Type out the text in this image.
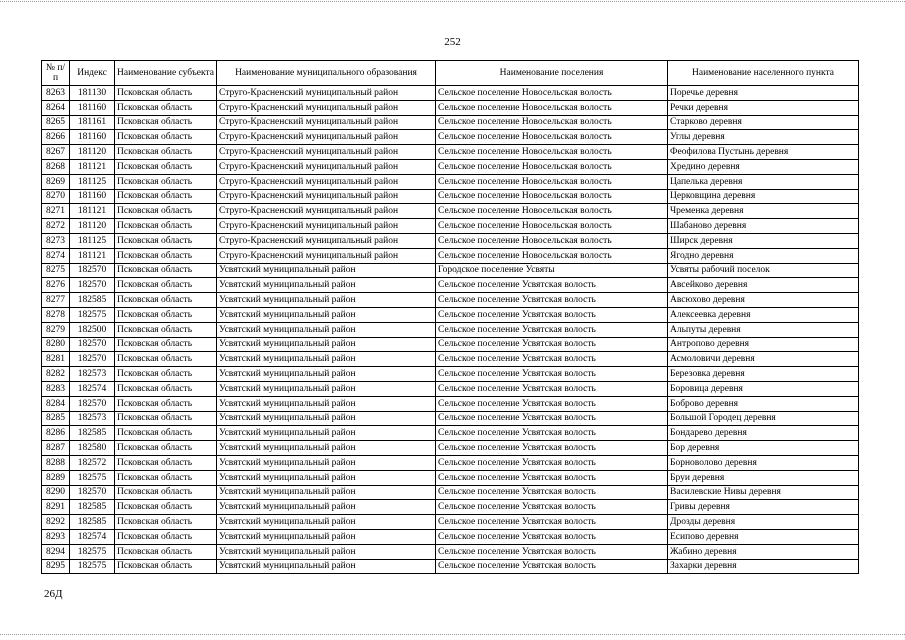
252
№ п/п	Индекс	Наименование субъекта	Наименование муниципального образования	Наименование поселения	Наименование населенного пункта
8263	181130	Псковская область	Струго-Красненский муниципальный район	Сельское поселение Новосельская волость	Поречье деревня
8264	181160	Псковская область	Струго-Красненский муниципальный район	Сельское поселение Новосельская волость	Речки деревня
8265	181161	Псковская область	Струго-Красненский муниципальный район	Сельское поселение Новосельская волость	Старково деревня
8266	181160	Псковская область	Струго-Красненский муниципальный район	Сельское поселение Новосельская волость	Углы деревня
8267	181120	Псковская область	Струго-Красненский муниципальный район	Сельское поселение Новосельская волость	Феофилова Пустынь деревня
8268	181121	Псковская область	Струго-Красненский муниципальный район	Сельское поселение Новосельская волость	Хредино деревня
8269	181125	Псковская область	Струго-Красненский муниципальный район	Сельское поселение Новосельская волость	Цапелька деревня
8270	181160	Псковская область	Струго-Красненский муниципальный район	Сельское поселение Новосельская волость	Церковщина деревня
8271	181121	Псковская область	Струго-Красненский муниципальный район	Сельское поселение Новосельская волость	Чременка деревня
8272	181120	Псковская область	Струго-Красненский муниципальный район	Сельское поселение Новосельская волость	Шабаново деревня
8273	181125	Псковская область	Струго-Красненский муниципальный район	Сельское поселение Новосельская волость	Ширск деревня
8274	181121	Псковская область	Струго-Красненский муниципальный район	Сельское поселение Новосельская волость	Ягодно деревня
8275	182570	Псковская область	Усвятский муниципальный район	Городское поселение Усвяты	Усвяты рабочий поселок
8276	182570	Псковская область	Усвятский муниципальный район	Сельское поселение Усвятская волость	Авсейково деревня
8277	182585	Псковская область	Усвятский муниципальный район	Сельское поселение Усвятская волость	Авсюхово деревня
8278	182575	Псковская область	Усвятский муниципальный район	Сельское поселение Усвятская волость	Алексеевка деревня
8279	182500	Псковская область	Усвятский муниципальный район	Сельское поселение Усвятская волость	Альпуты деревня
8280	182570	Псковская область	Усвятский муниципальный район	Сельское поселение Усвятская волость	Антропово деревня
8281	182570	Псковская область	Усвятский муниципальный район	Сельское поселение Усвятская волость	Асмоловичи деревня
8282	182573	Псковская область	Усвятский муниципальный район	Сельское поселение Усвятская волость	Березовка деревня
8283	182574	Псковская область	Усвятский муниципальный район	Сельское поселение Усвятская волость	Боровица деревня
8284	182570	Псковская область	Усвятский муниципальный район	Сельское поселение Усвятская волость	Боброво деревня
8285	182573	Псковская область	Усвятский муниципальный район	Сельское поселение Усвятская волость	Большой Городец деревня
8286	182585	Псковская область	Усвятский муниципальный район	Сельское поселение Усвятская волость	Бондарево деревня
8287	182580	Псковская область	Усвятский муниципальный район	Сельское поселение Усвятская волость	Бор деревня
8288	182572	Псковская область	Усвятский муниципальный район	Сельское поселение Усвятская волость	Борноволово деревня
8289	182575	Псковская область	Усвятский муниципальный район	Сельское поселение Усвятская волость	Бруи деревня
8290	182570	Псковская область	Усвятский муниципальный район	Сельское поселение Усвятская волость	Василевские Нивы деревня
8291	182585	Псковская область	Усвятский муниципальный район	Сельское поселение Усвятская волость	Гривы деревня
8292	182585	Псковская область	Усвятский муниципальный район	Сельское поселение Усвятская волость	Дрозды деревня
8293	182574	Псковская область	Усвятский муниципальный район	Сельское поселение Усвятская волость	Есипово деревня
8294	182575	Псковская область	Усвятский муниципальный район	Сельское поселение Усвятская волость	Жабино деревня
8295	182575	Псковская область	Усвятский муниципальный район	Сельское поселение Усвятская волость	Захарки деревня
26Д
